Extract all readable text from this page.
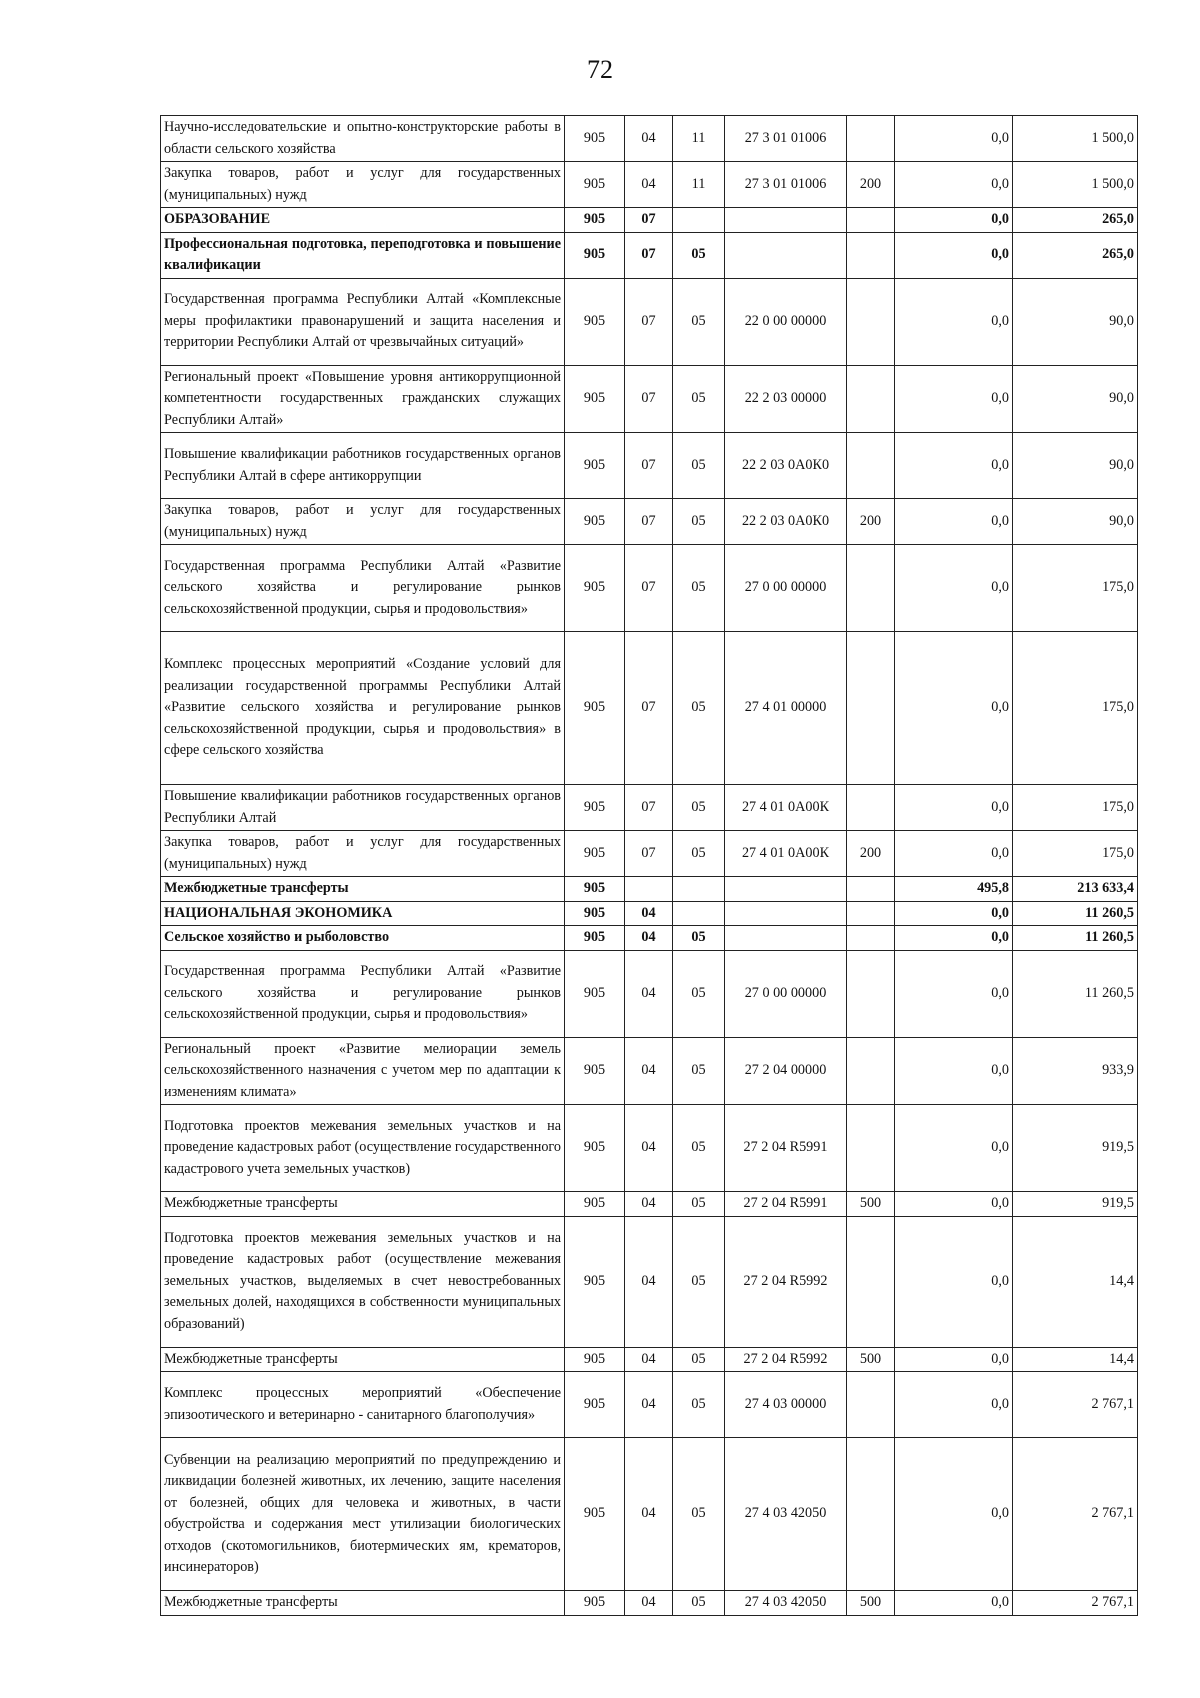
72
Научно-исследовательские и опытно-конструкторские работы в области сельского хозяйства	905	04	11	27 3 01 01006		0,0	1 500,0
Закупка товаров, работ и услуг для государственных (муниципальных) нужд	905	04	11	27 3 01 01006	200	0,0	1 500,0
ОБРАЗОВАНИЕ	905	07				0,0	265,0
Профессиональная подготовка, переподготовка и повышение квалификации	905	07	05			0,0	265,0
Государственная программа Республики Алтай «Комплексные меры профилактики правонарушений и защита населения и территории Республики Алтай от чрезвычайных ситуаций»	905	07	05	22 0 00 00000		0,0	90,0
Региональный проект «Повышение уровня антикоррупционной компетентности государственных гражданских служащих Республики Алтай»	905	07	05	22 2 03 00000		0,0	90,0
Повышение квалификации работников государственных органов Республики Алтай в сфере антикоррупции	905	07	05	22 2 03 0А0К0		0,0	90,0
Закупка товаров, работ и услуг для государственных (муниципальных) нужд	905	07	05	22 2 03 0А0К0	200	0,0	90,0
Государственная программа Республики Алтай «Развитие сельского хозяйства и регулирование рынков сельскохозяйственной продукции, сырья и продовольствия»	905	07	05	27 0 00 00000		0,0	175,0
Комплекс процессных мероприятий «Создание условий для реализации государственной программы Республики Алтай «Развитие сельского хозяйства и регулирование рынков сельскохозяйственной продукции, сырья и продовольствия» в сфере сельского хозяйства	905	07	05	27 4 01 00000		0,0	175,0
Повышение квалификации работников государственных органов Республики Алтай	905	07	05	27 4 01 0А00К		0,0	175,0
Закупка товаров, работ и услуг для государственных (муниципальных) нужд	905	07	05	27 4 01 0А00К	200	0,0	175,0
Межбюджетные трансферты	905					495,8	213 633,4
НАЦИОНАЛЬНАЯ ЭКОНОМИКА	905	04				0,0	11 260,5
Сельское хозяйство и рыболовство	905	04	05			0,0	11 260,5
Государственная программа Республики Алтай «Развитие сельского хозяйства и регулирование рынков сельскохозяйственной продукции, сырья и продовольствия»	905	04	05	27 0 00 00000		0,0	11 260,5
Региональный проект «Развитие мелиорации земель сельскохозяйственного назначения с учетом мер по адаптации к изменениям климата»	905	04	05	27 2 04 00000		0,0	933,9
Подготовка проектов межевания земельных участков и на проведение кадастровых работ (осуществление государственного кадастрового учета земельных участков)	905	04	05	27 2 04 R5991		0,0	919,5
Межбюджетные трансферты	905	04	05	27 2 04 R5991	500	0,0	919,5
Подготовка проектов межевания земельных участков и на проведение кадастровых работ (осуществление межевания земельных участков, выделяемых в счет невостребованных земельных долей, находящихся в собственности муниципальных образований)	905	04	05	27 2 04 R5992		0,0	14,4
Межбюджетные трансферты	905	04	05	27 2 04 R5992	500	0,0	14,4
Комплекс процессных мероприятий «Обеспечение эпизоотического и ветеринарно - санитарного благополучия»	905	04	05	27 4 03 00000		0,0	2 767,1
Субвенции на реализацию мероприятий по предупреждению и ликвидации болезней животных, их лечению, защите населения от болезней, общих для человека и животных, в части обустройства и содержания мест утилизации биологических отходов (скотомогильников, биотермических ям, крематоров, инсинераторов)	905	04	05	27 4 03 42050		0,0	2 767,1
Межбюджетные трансферты	905	04	05	27 4 03 42050	500	0,0	2 767,1
